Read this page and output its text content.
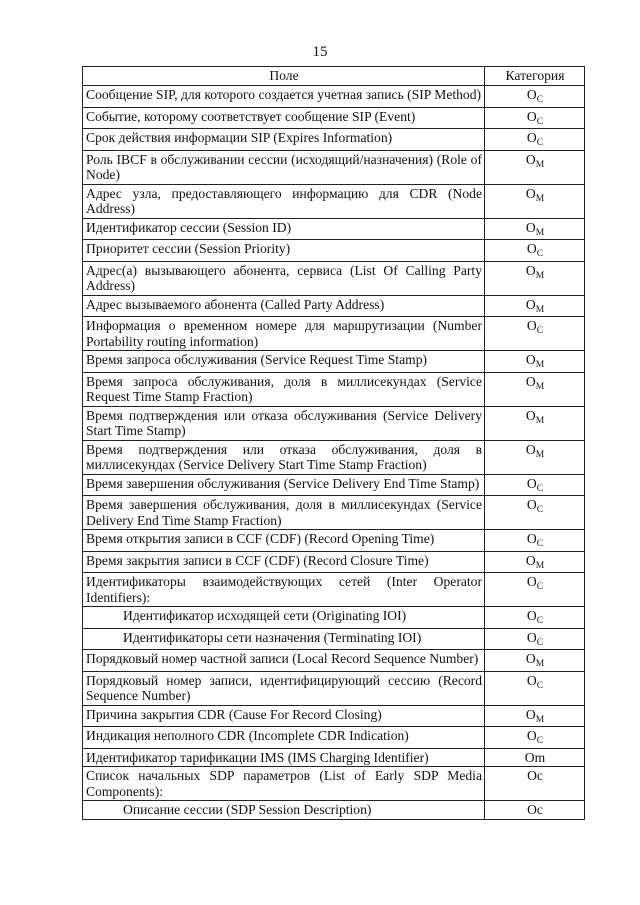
15
Поле	Категория
Сообщение SIP, для которого создается учетная запись (SIP Method)	$O_C$
Событие, которому соответствует сообщение SIP (Event)	$O_C$
Срок действия информации SIP (Expires Information)	$O_C$
Роль IBCF в обслуживании сессии (исходящий/назначения) (Role of Node)	$O_M$
Адрес узла, предоставляющего информацию для CDR (Node Address)	$O_M$
Идентификатор сессии (Session ID)	$O_M$
Приоритет сессии (Session Priority)	$O_C$
Адрес(а) вызывающего абонента, сервиса (List Of Calling Party Address)	$O_M$
Адрес вызываемого абонента (Called Party Address)	$O_M$
Информация о временном номере для маршрутизации (Number Portability routing information)	$O_C$
Время запроса обслуживания (Service Request Time Stamp)	$O_M$
Время запроса обслуживания, доля в миллисекундах (Service Request Time Stamp Fraction)	$O_M$
Время подтверждения или отказа обслуживания (Service Delivery Start Time Stamp)	$O_M$
Время подтверждения или отказа обслуживания, доля в миллисекундах (Service Delivery Start Time Stamp Fraction)	$O_M$
Время завершения обслуживания (Service Delivery End Time Stamp)	$O_C$
Время завершения обслуживания, доля в миллисекундах (Service Delivery End Time Stamp Fraction)	$O_C$
Время открытия записи в CCF (CDF) (Record Opening Time)	$O_C$
Время закрытия записи в CCF (CDF) (Record Closure Time)	$O_M$
Идентификаторы взаимодействующих сетей (Inter Operator Identifiers):	$O_C$
Идентификатор исходящей сети (Originating IOI)	$O_C$
Идентификаторы сети назначения (Terminating IOI)	$O_C$
Порядковый номер частной записи (Local Record Sequence Number)	$O_M$
Порядковый номер записи, идентифицирующий сессию (Record Sequence Number)	$O_C$
Причина закрытия CDR (Cause For Record Closing)	$O_M$
Индикация неполного CDR (Incomplete CDR Indication)	$O_C$
Идентификатор тарификации IMS (IMS Charging Identifier)	Om
Список начальных SDP параметров (List of Early SDP Media Components):	Oc
Описание сессии (SDP Session Description)	Oc
